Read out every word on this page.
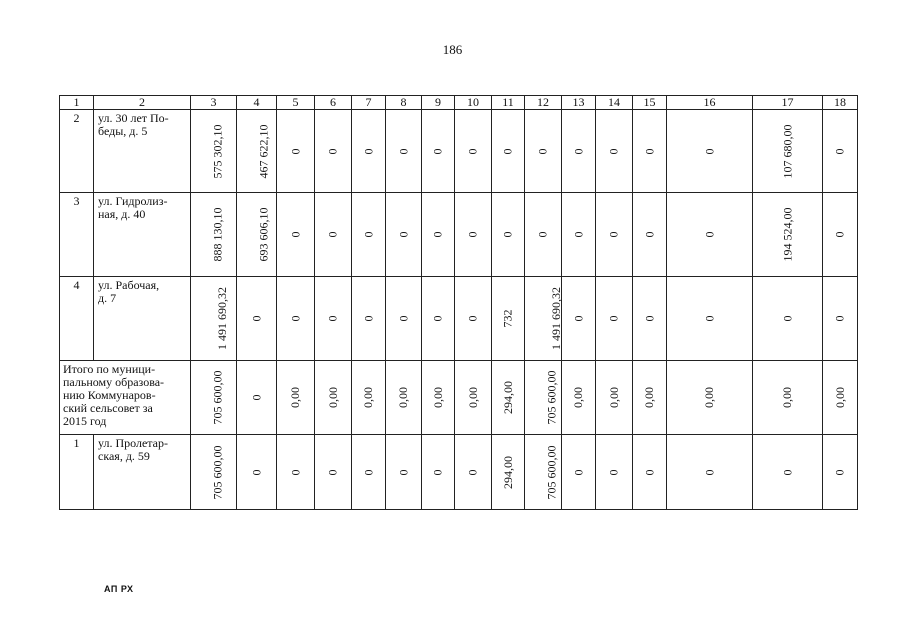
186
1	2	3	4	5	6	7	8	9	10	11	12	13	14	15	16	17	18
2	ул. 30 лет По-
беды, д. 5	575 302,10	467 622,10	0	0	0	0	0	0	0	0	0	0	0	0	107 680,00	0
3	ул. Гидролиз-
ная, д. 40	888 130,10	693 606,10	0	0	0	0	0	0	0	0	0	0	0	0	194 524,00	0
4	ул. Рабочая,
д. 7	1 491 690,32	0	0	0	0	0	0	0	732	1 491 690,32	0	0	0	0	0	0

Итого по муници-
пальному образова-
нию Коммунаров-
ский сельсовет за
2015 год		705 600,00	0	0,00	0,00	0,00	0,00	0,00	0,00	294,00	705 600,00	0,00	0,00	0,00	0,00	0,00	0,00
1	ул. Пролетар-
ская, д. 59	705 600,00	0	0	0	0	0	0	0	294,00	705 600,00	0	0	0	0	0	0
АП РХ
